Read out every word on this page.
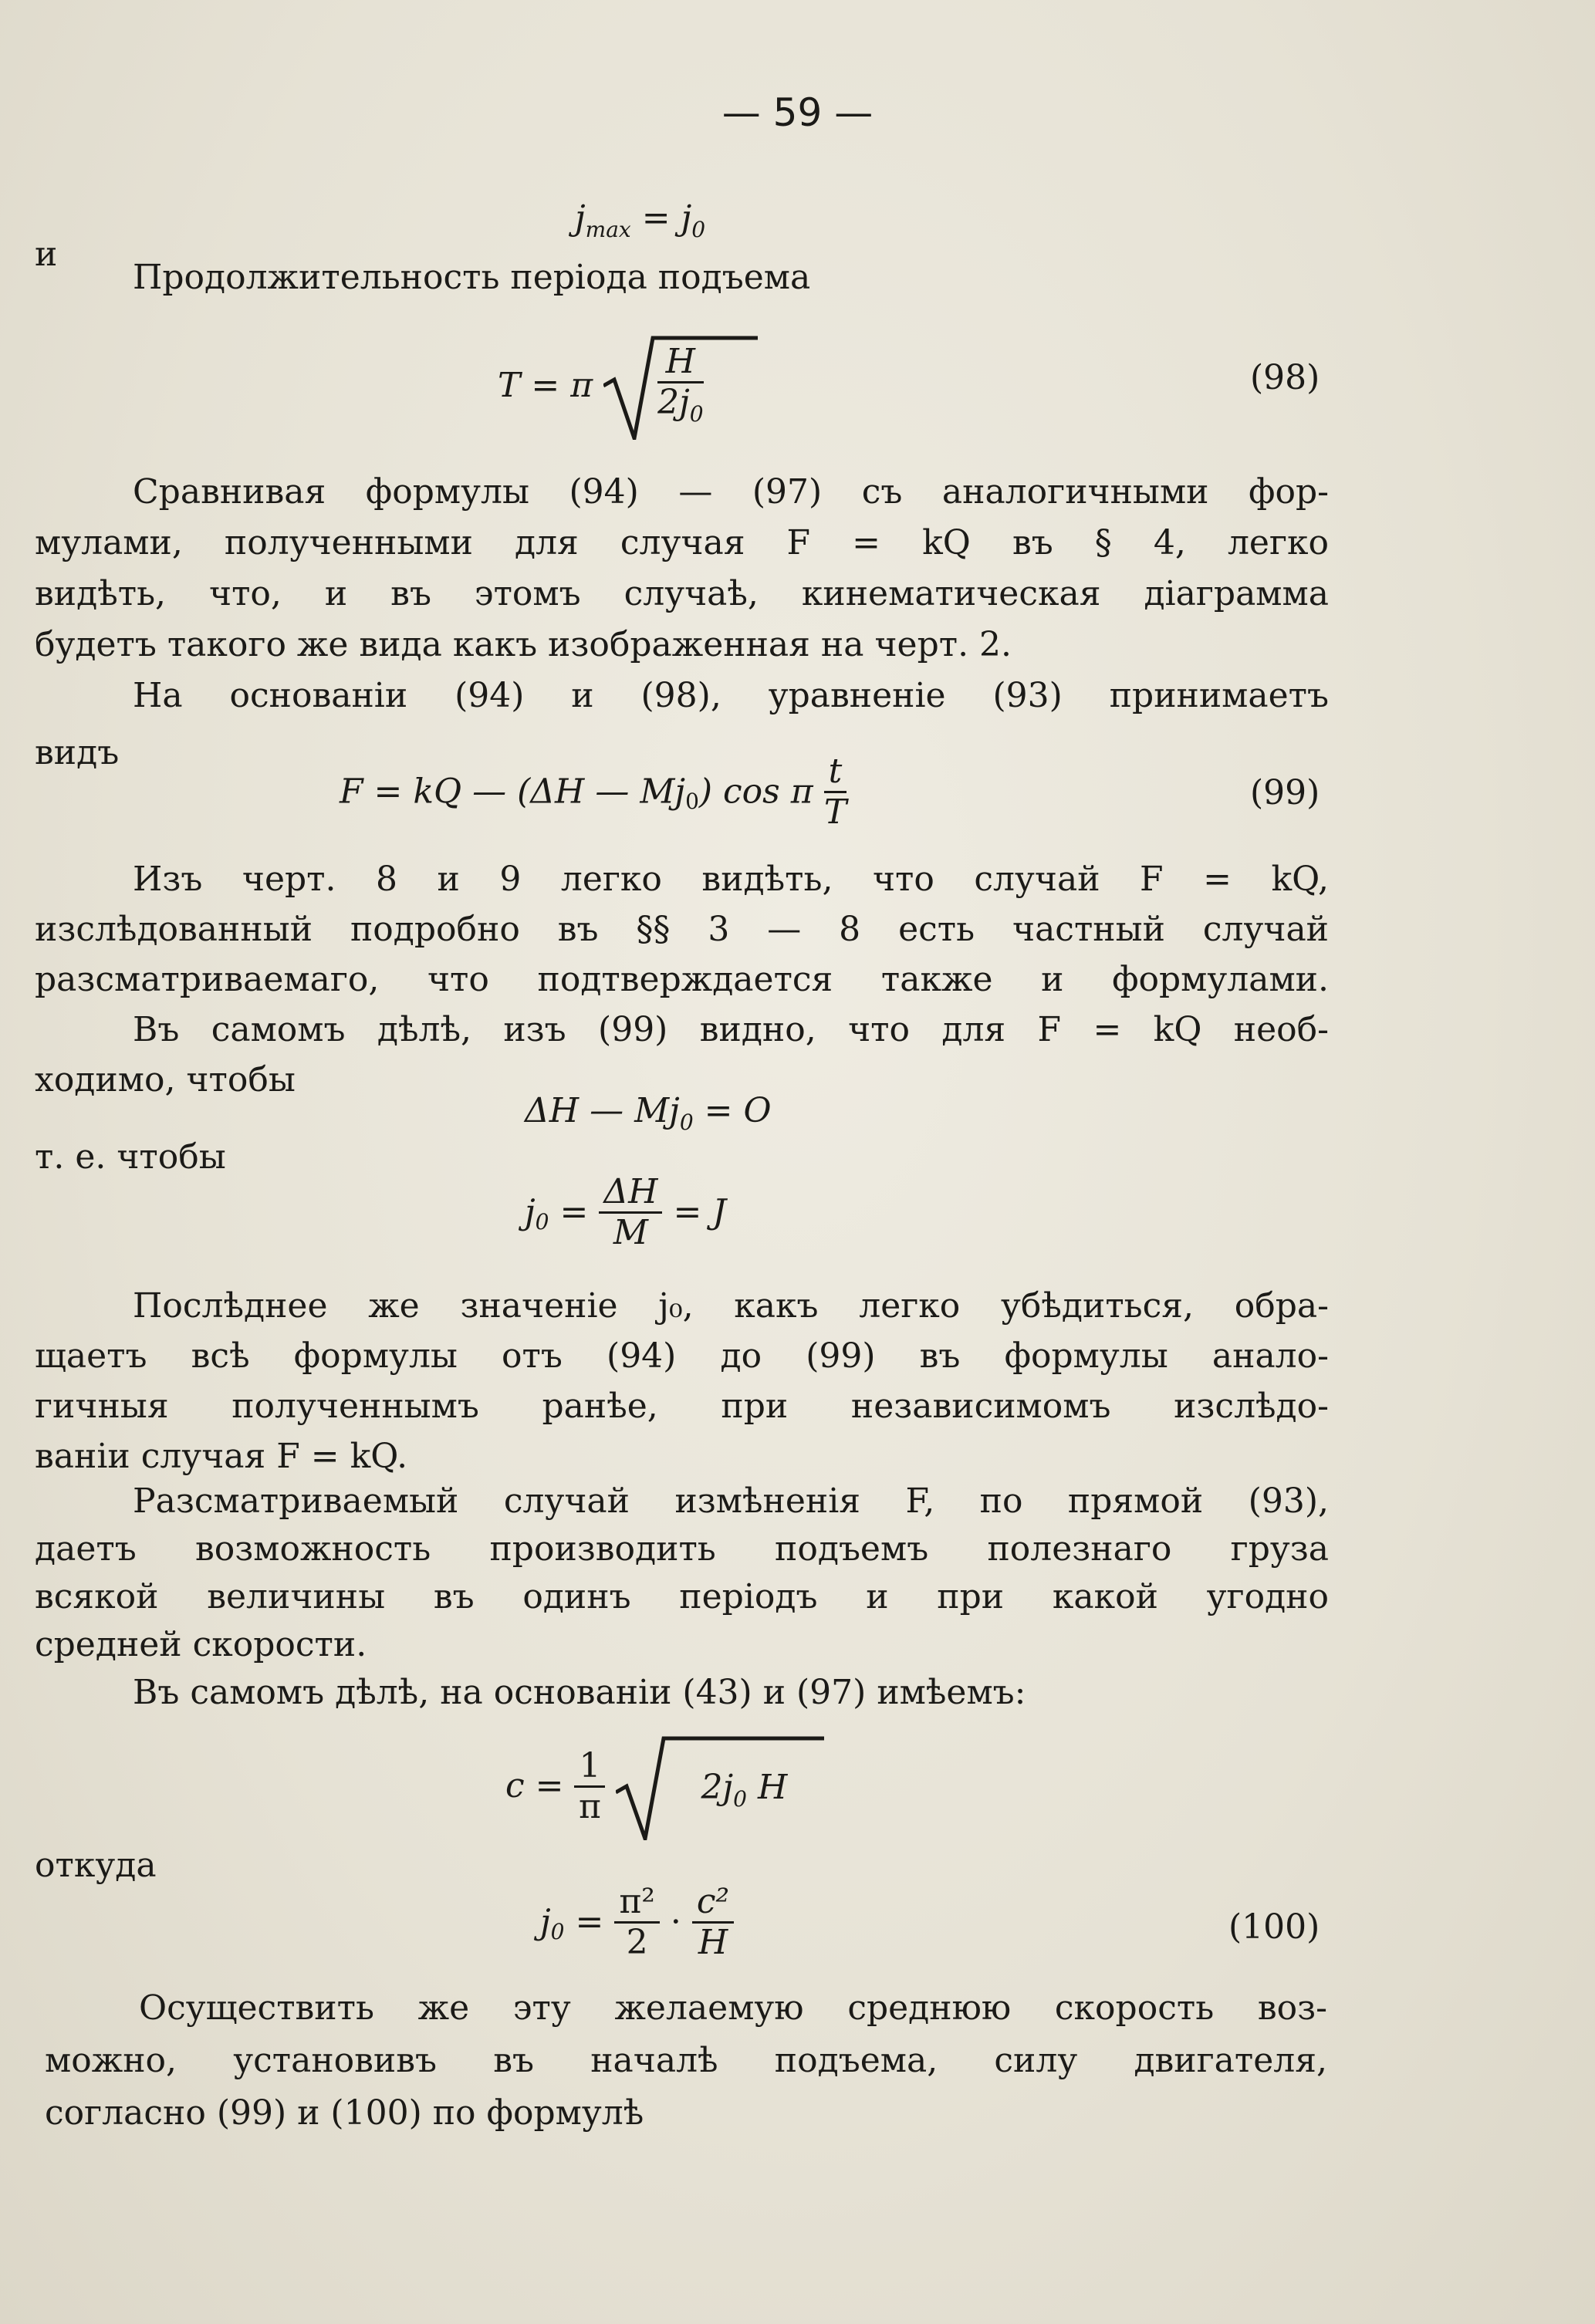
— 59 —
$j_{max} = j_0$
и
Продолжительность періода подъема
T = π $\frac{H}{2j_0}$	(98)
Сравнивая формулы (94) — (97) съ аналогичными фор-
мулами, полученными для случая F = kQ въ § 4, легко
видѣть, что, и въ этомъ случаѣ, кинематическая діаграмма
будетъ такого же вида какъ изображенная на черт. 2.
На основаніи (94) и (98), уравненіе (93) принимаетъ
видъ
F = kQ — (ΔH — $Mj_0$) cos π $\frac{t}{T}$	(99)
Изъ черт. 8 и 9 легко видѣть, что случай F = kQ,
изслѣдованный подробно въ §§ 3 — 8 есть частный случай
разсматриваемаго, что подтверждается также и формулами.
Въ самомъ дѣлѣ, изъ (99) видно, что для F = kQ необ-
ходимо, чтобы
ΔH — $Mj_0 = O$
т. е. чтобы
$j_0 = \frac{\Delta H}{M} = J$
Послѣднее же значеніе j₀, какъ легко убѣдиться, обра-
щаетъ всѣ формулы отъ (94) до (99) въ формулы анало-
гичныя полученнымъ ранѣе, при независимомъ изслѣдо-
ваніи случая F = kQ.
Разсматриваемый случай измѣненія F, по прямой (93),
даетъ возможность производить подъемъ полезнаго груза
всякой величины въ одинъ періодъ и при какой угодно
средней скорости.
Въ самомъ дѣлѣ, на основаніи (43) и (97) имѣемъ:
$c = \frac{1}{\pi}$
	$2j_0$ H
откуда
$j_0 = \frac{\text{π²}}{2} \cdot \frac{\text{c²}}{H}$	(100)
Осуществить же эту желаемую среднюю скорость воз-
можно, установивъ въ началѣ подъема, силу двигателя,
согласно (99) и (100) по формулѣ
